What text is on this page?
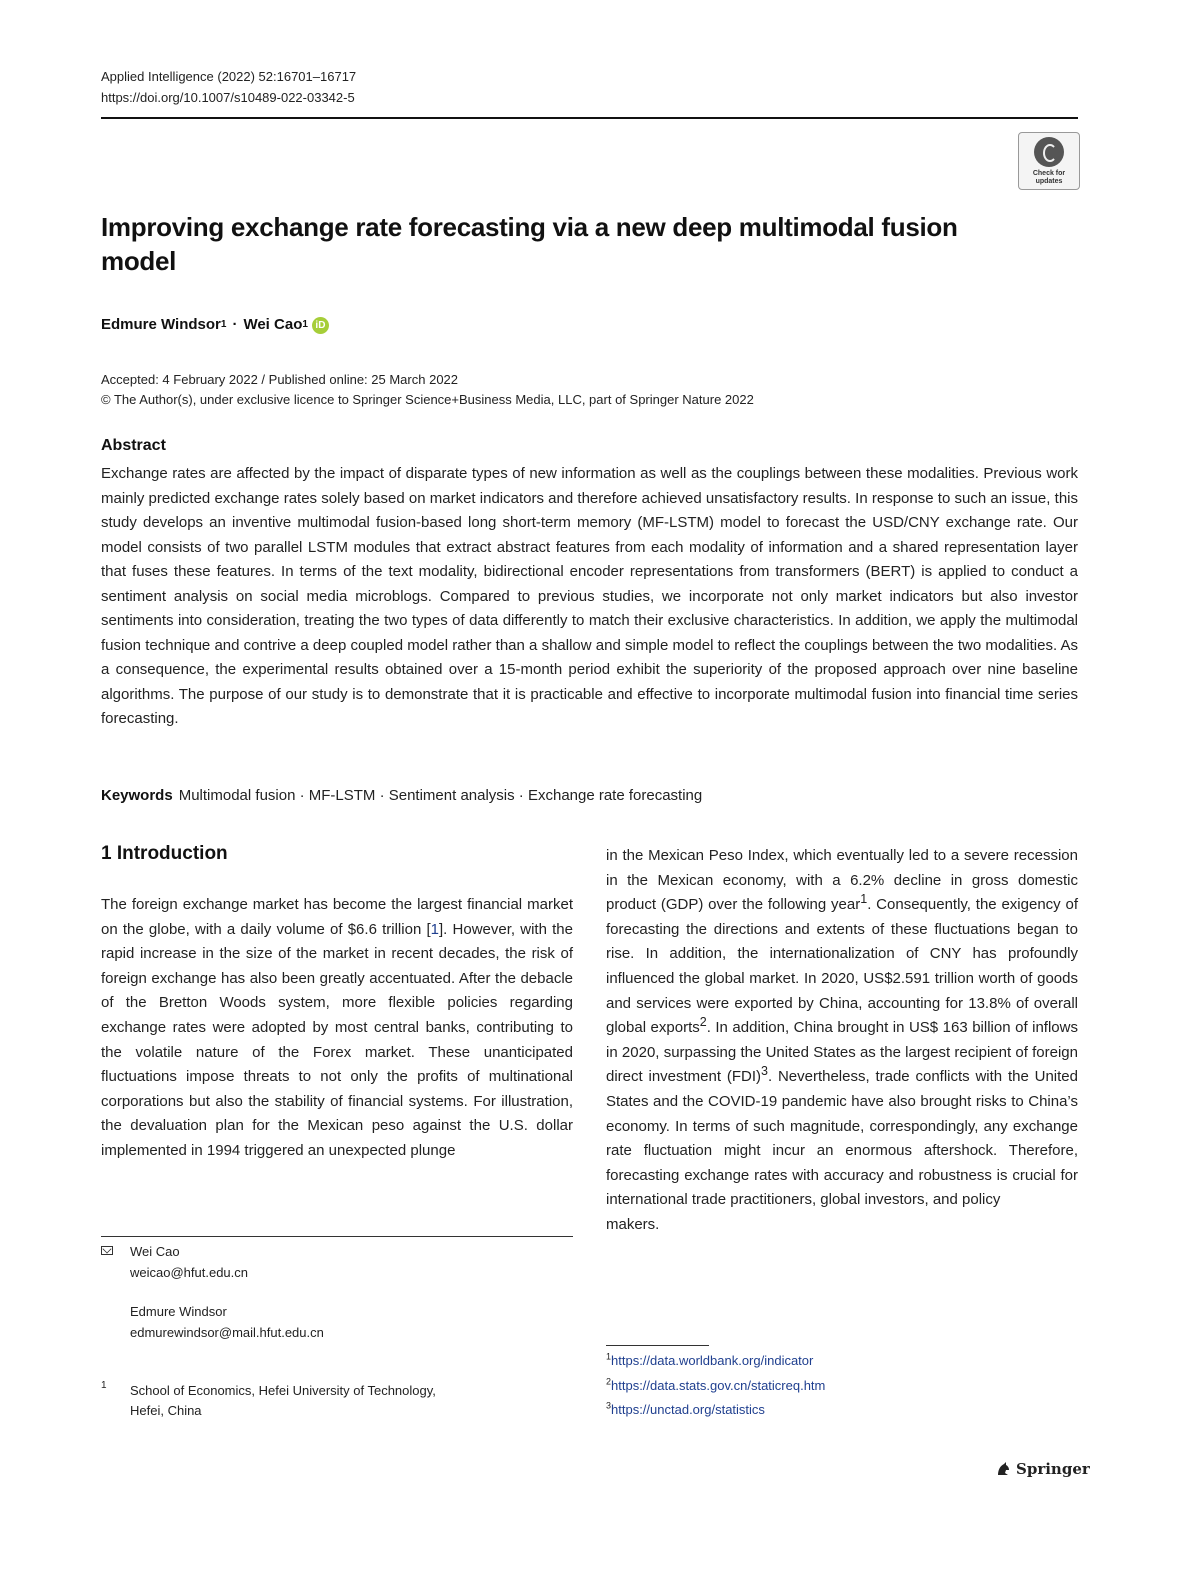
Applied Intelligence (2022) 52:16701–16717
https://doi.org/10.1007/s10489-022-03342-5
Check for updates
Improving exchange rate forecasting via a new deep multimodal fusion model
Edmure Windsor 1 · Wei Cao 1 iD
Accepted: 4 February 2022 / Published online: 25 March 2022
© The Author(s), under exclusive licence to Springer Science+Business Media, LLC, part of Springer Nature 2022
Abstract
Exchange rates are affected by the impact of disparate types of new information as well as the couplings between these modalities. Previous work mainly predicted exchange rates solely based on market indicators and therefore achieved unsatisfactory results. In response to such an issue, this study develops an inventive multimodal fusion-based long short-term memory (MF-LSTM) model to forecast the USD/CNY exchange rate. Our model consists of two parallel LSTM modules that extract abstract features from each modality of information and a shared representation layer that fuses these features. In terms of the text modality, bidirectional encoder representations from transformers (BERT) is applied to conduct a sentiment analysis on social media microblogs. Compared to previous studies, we incorporate not only market indicators but also investor sentiments into consideration, treating the two types of data differently to match their exclusive characteristics. In addition, we apply the multimodal fusion technique and contrive a deep coupled model rather than a shallow and simple model to reflect the couplings between the two modalities. As a consequence, the experimental results obtained over a 15-month period exhibit the superiority of the proposed approach over nine baseline algorithms. The purpose of our study is to demonstrate that it is practicable and effective to incorporate multimodal fusion into financial time series forecasting.
Keywords Multimodal fusion · MF-LSTM · Sentiment analysis · Exchange rate forecasting
1 Introduction
The foreign exchange market has become the largest financial market on the globe, with a daily volume of $6.6 trillion [1]. However, with the rapid increase in the size of the market in recent decades, the risk of foreign exchange has also been greatly accentuated. After the debacle of the Bretton Woods system, more flexible policies regarding exchange rates were adopted by most central banks, contributing to the volatile nature of the Forex market. These unanticipated fluctuations impose threats to not only the profits of multinational corporations but also the stability of financial systems. For illustration, the devaluation plan for the Mexican peso against the U.S. dollar implemented in 1994 triggered an unexpected plunge
Wei Cao
weicao@hfut.edu.cn
Edmure Windsor
edmurewindsor@mail.hfut.edu.cn
1 School of Economics, Hefei University of Technology,
Hefei, China
in the Mexican Peso Index, which eventually led to a severe recession in the Mexican economy, with a 6.2% decline in gross domestic product (GDP) over the following year$^1$. Consequently, the exigency of forecasting the directions and extents of these fluctuations began to rise. In addition, the internationalization of CNY has profoundly influenced the global market. In 2020, US$2.591 trillion worth of goods and services were exported by China, accounting for 13.8% of overall global exports$^2$. In addition, China brought in US$ 163 billion of inflows in 2020, surpassing the United States as the largest recipient of foreign direct investment (FDI)$^3$. Nevertheless, trade conflicts with the United States and the COVID-19 pandemic have also brought risks to China’s economy. In terms of such magnitude, correspondingly, any exchange rate fluctuation might incur an enormous aftershock. Therefore, forecasting exchange rates with accuracy and robustness is crucial for international trade practitioners, global investors, and policy
makers.
$^1$https://data.worldbank.org/indicator
$^2$https://data.stats.gov.cn/staticreq.htm
$^3$https://unctad.org/statistics
Springer
